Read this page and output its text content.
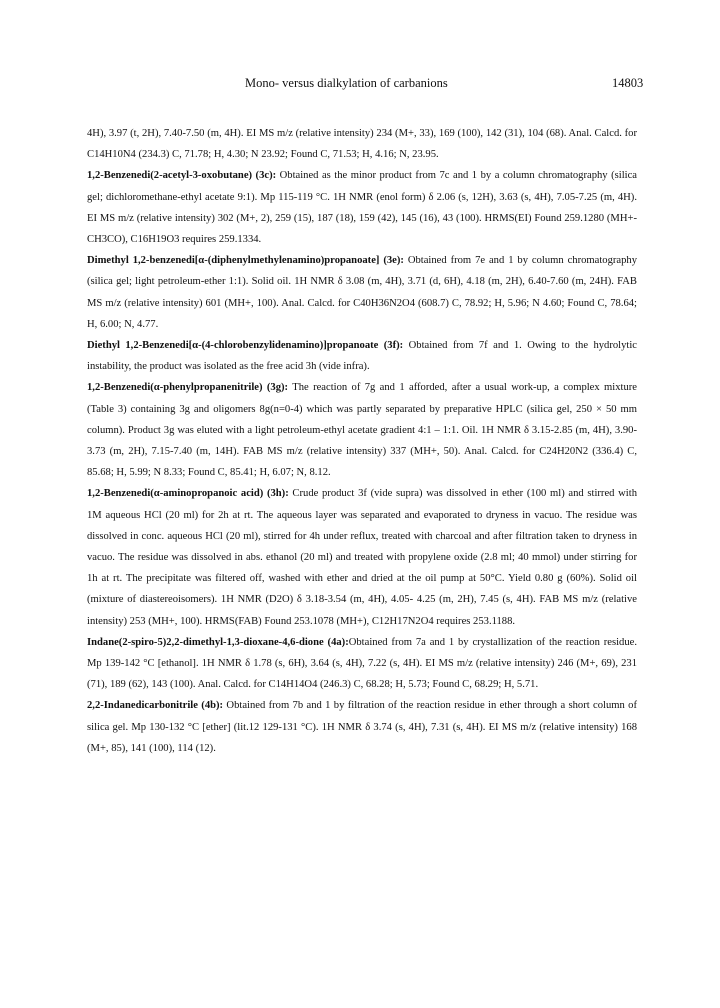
Mono- versus dialkylation of carbanions	14803

4H), 3.97 (t, 2H), 7.40-7.50 (m, 4H). EI MS m/z (relative intensity) 234 (M+, 33), 169 (100), 142 (31), 104 (68). Anal. Calcd. for C14H10N4 (234.3) C, 71.78; H, 4.30; N 23.92; Found C, 71.53; H, 4.16; N, 23.95.

1,2-Benzenedi(2-acetyl-3-oxobutane) (3c): Obtained as the minor product from 7c and 1 by a column chromatography (silica gel; dichloromethane-ethyl acetate 9:1). Mp 115-119 °C. 1H NMR (enol form) δ 2.06 (s, 12H), 3.63 (s, 4H), 7.05-7.25 (m, 4H). EI MS m/z (relative intensity) 302 (M+, 2), 259 (15), 187 (18), 159 (42), 145 (16), 43 (100). HRMS(EI) Found 259.1280 (MH+-CH3CO), C16H19O3 requires 259.1334.

Dimethyl 1,2-benzenedi[α-(diphenylmethylenamino)propanoate] (3e): Obtained from 7e and 1 by column chromatography (silica gel; light petroleum-ether 1:1). Solid oil. 1H NMR δ 3.08 (m, 4H), 3.71 (d, 6H), 4.18 (m, 2H), 6.40-7.60 (m, 24H). FAB MS m/z (relative intensity) 601 (MH+, 100). Anal. Calcd. for C40H36N2O4 (608.7) C, 78.92; H, 5.96; N 4.60; Found C, 78.64; H, 6.00; N, 4.77.

Diethyl 1,2-Benzenedi[α-(4-chlorobenzylidenamino)]propanoate (3f): Obtained from 7f and 1. Owing to the hydrolytic instability, the product was isolated as the free acid 3h (vide infra).

1,2-Benzenedi(α-phenylpropanenitrile) (3g): The reaction of 7g and 1 afforded, after a usual work-up, a complex mixture (Table 3) containing 3g and oligomers 8g(n=0-4) which was partly separated by preparative HPLC (silica gel, 250 × 50 mm column). Product 3g was eluted with a light petroleum-ethyl acetate gradient 4:1 – 1:1. Oil. 1H NMR δ 3.15-2.85 (m, 4H), 3.90-3.73 (m, 2H), 7.15-7.40 (m, 14H). FAB MS m/z (relative intensity) 337 (MH+, 50). Anal. Calcd. for C24H20N2 (336.4) C, 85.68; H, 5.99; N 8.33; Found C, 85.41; H, 6.07; N, 8.12.

1,2-Benzenedi(α-aminopropanoic acid) (3h): Crude product 3f (vide supra) was dissolved in ether (100 ml) and stirred with 1M aqueous HCl (20 ml) for 2h at rt. The aqueous layer was separated and evaporated to dryness in vacuo. The residue was dissolved in conc. aqueous HCl (20 ml), stirred for 4h under reflux, treated with charcoal and after filtration taken to dryness in vacuo. The residue was dissolved in abs. ethanol (20 ml) and treated with propylene oxide (2.8 ml; 40 mmol) under stirring for 1h at rt. The precipitate was filtered off, washed with ether and dried at the oil pump at 50°C. Yield 0.80 g (60%). Solid oil (mixture of diastereoisomers). 1H NMR (D2O) δ 3.18-3.54 (m, 4H), 4.05- 4.25 (m, 2H), 7.45 (s, 4H). FAB MS m/z (relative intensity) 253 (MH+, 100). HRMS(FAB) Found 253.1078 (MH+), C12H17N2O4 requires 253.1188.

Indane(2-spiro-5)2,2-dimethyl-1,3-dioxane-4,6-dione (4a):Obtained from 7a and 1 by crystallization of the reaction residue. Mp 139-142 °C [ethanol]. 1H NMR δ 1.78 (s, 6H), 3.64 (s, 4H), 7.22 (s, 4H). EI MS m/z (relative intensity) 246 (M+, 69), 231 (71), 189 (62), 143 (100). Anal. Calcd. for C14H14O4 (246.3) C, 68.28; H, 5.73; Found C, 68.29; H, 5.71.

2,2-Indanedicarbonitrile (4b): Obtained from 7b and 1 by filtration of the reaction residue in ether through a short column of silica gel. Mp 130-132 °C [ether] (lit.12 129-131 °C). 1H NMR δ 3.74 (s, 4H), 7.31 (s, 4H). EI MS m/z (relative intensity) 168 (M+, 85), 141 (100), 114 (12).
